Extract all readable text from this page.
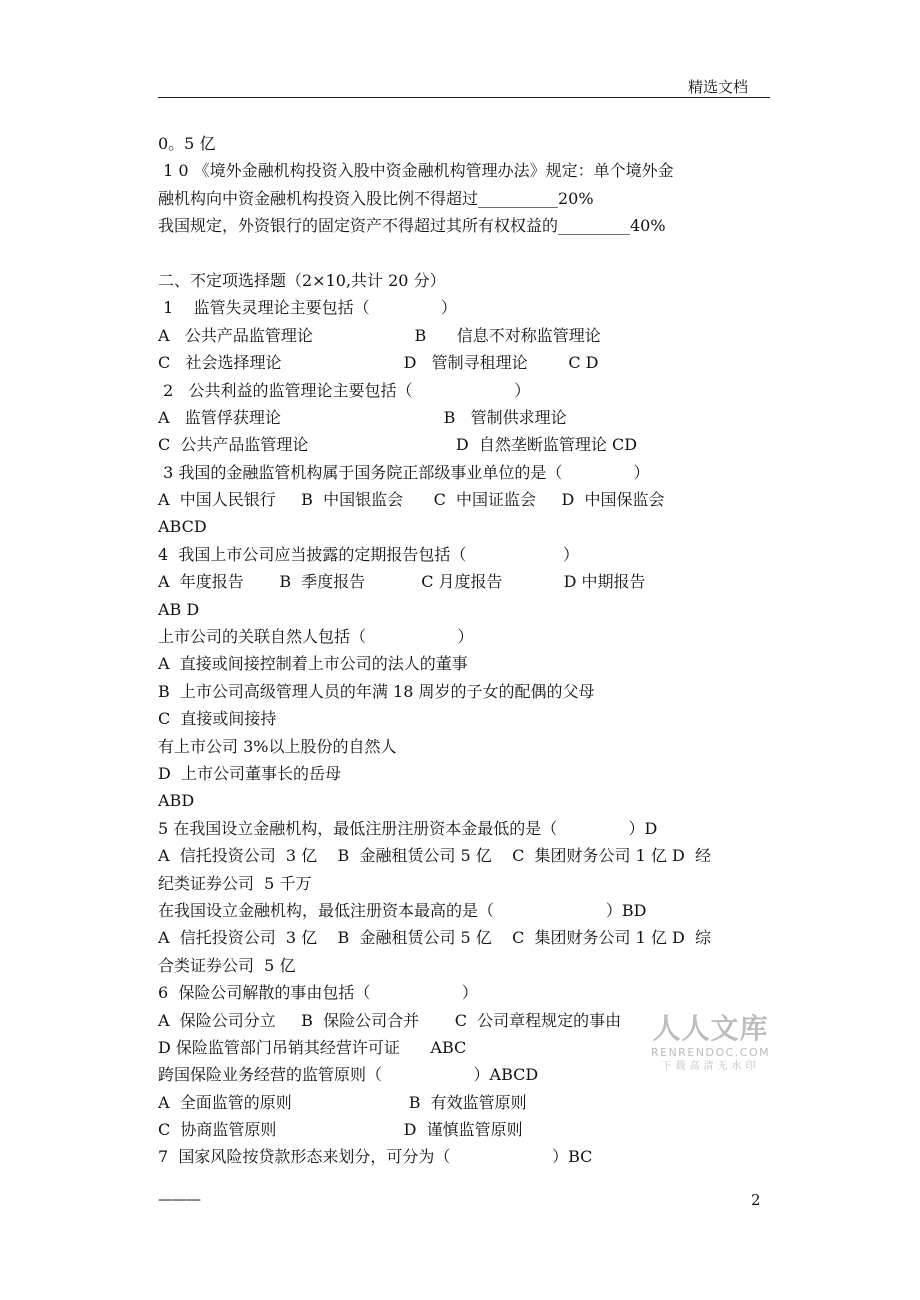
精选文档
0。5 亿
1 0 《境外金融机构投资入股中资金融机构管理办法》规定：单个境外金
融机构向中资金融机构投资入股比例不得超过__________20%
我国规定，外资银行的固定资产不得超过其所有权权益的_________40%
二、不定项选择题（2×10,共计 20 分）
1    监管失灵理论主要包括（              ）
A   公共产品监管理论                    B      信息不对称监管理论
C   社会选择理论                        D   管制寻租理论        C D
2   公共利益的监管理论主要包括（                    ）
A   监管俘获理论                                B   管制供求理论
C  公共产品监管理论                             D  自然垄断监管理论 CD
3 我国的金融监管机构属于国务院正部级事业单位的是（              ）
A  中国人民银行     B  中国银监会      C  中国证监会     D  中国保监会
ABCD
4  我国上市公司应当披露的定期报告包括（                   ）
A  年度报告       B  季度报告           C 月度报告            D 中期报告
AB D
上市公司的关联自然人包括（                  ）
A  直接或间接控制着上市公司的法人的董事
B  上市公司高级管理人员的年满 18 周岁的子女的配偶的父母
C  直接或间接持
有上市公司 3%以上股份的自然人
D  上市公司董事长的岳母
ABD
5 在我国设立金融机构，最低注册注册资本金最低的是（              ）D
A  信托投资公司  3 亿    B  金融租赁公司 5 亿    C  集团财务公司 1 亿 D  经
纪类证券公司  5 千万
在我国设立金融机构，最低注册资本最高的是（                      ）BD
A  信托投资公司  3 亿    B  金融租赁公司 5 亿    C  集团财务公司 1 亿 D  综
合类证券公司  5 亿
6  保险公司解散的事由包括（                  ）
A  保险公司分立     B  保险公司合并       C  公司章程规定的事由
D 保险监管部门吊销其经营许可证      ABC
跨国保险业务经营的监管原则（                  ）ABCD
A  全面监管的原则                       B  有效监管原则
C  协商监管原则                         D  谨慎监管原则
7  国家风险按贷款形态来划分，可分为（                    ）BC
人人文库
RENRENDOC.COM
下载高清无水印
———	2
